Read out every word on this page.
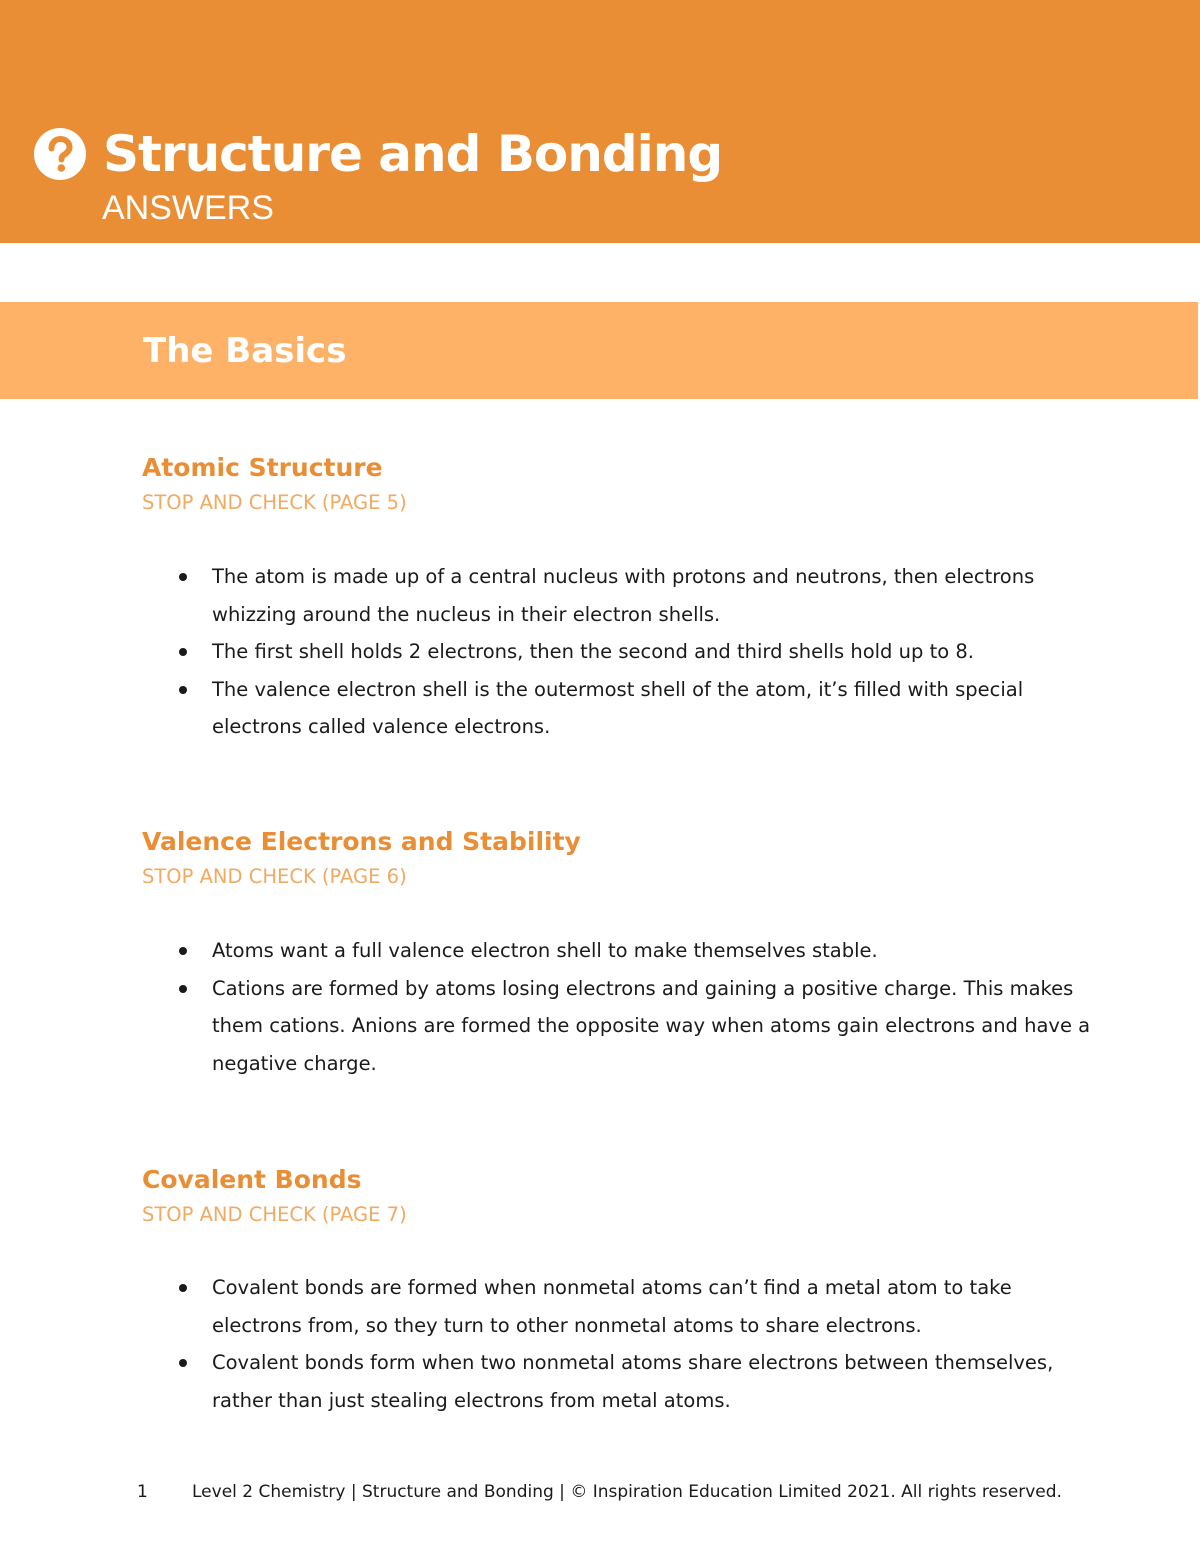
Structure and Bonding
ANSWERS
The Basics
Atomic Structure
STOP AND CHECK (PAGE 5)
The atom is made up of a central nucleus with protons and neutrons, then electrons whizzing around the nucleus in their electron shells.
The first shell holds 2 electrons, then the second and third shells hold up to 8.
The valence electron shell is the outermost shell of the atom, it’s filled with special electrons called valence electrons.
Valence Electrons and Stability
STOP AND CHECK (PAGE 6)
Atoms want a full valence electron shell to make themselves stable.
Cations are formed by atoms losing electrons and gaining a positive charge. This makes them cations. Anions are formed the opposite way when atoms gain electrons and have a negative charge.
Covalent Bonds
STOP AND CHECK (PAGE 7)
Covalent bonds are formed when nonmetal atoms can’t find a metal atom to take electrons from, so they turn to other nonmetal atoms to share electrons.
Covalent bonds form when two nonmetal atoms share electrons between themselves, rather than just stealing electrons from metal atoms.
1	Level 2 Chemistry | Structure and Bonding | © Inspiration Education Limited 2021. All rights reserved.
